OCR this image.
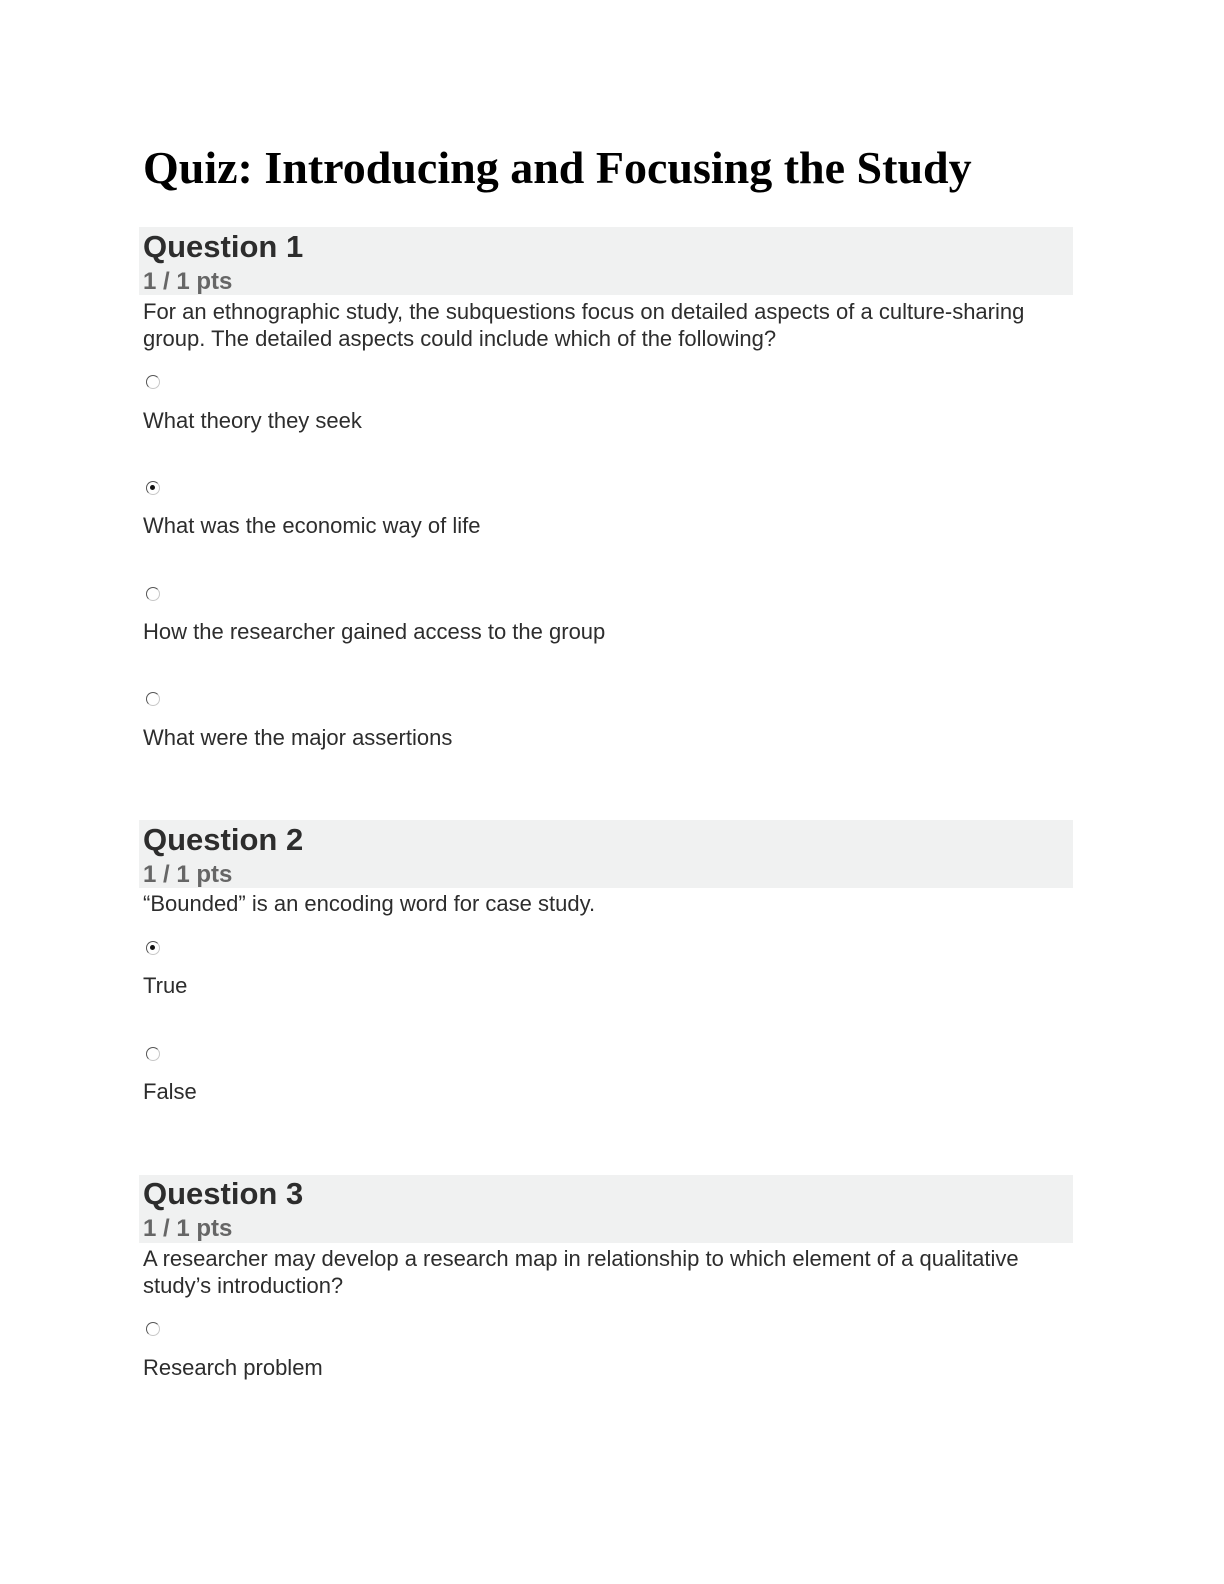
Quiz: Introducing and Focusing the Study
Question 1
1 / 1 pts

For an ethnographic study, the subquestions focus on detailed aspects of a culture-sharing group. The detailed aspects could include which of the following?

What theory they seek
What was the economic way of life
How the researcher gained access to the group
What were the major assertions
Question 2
1 / 1 pts

“Bounded” is an encoding word for case study.

True
False
Question 3
1 / 1 pts

A researcher may develop a research map in relationship to which element of a qualitative study’s introduction?

Research problem
